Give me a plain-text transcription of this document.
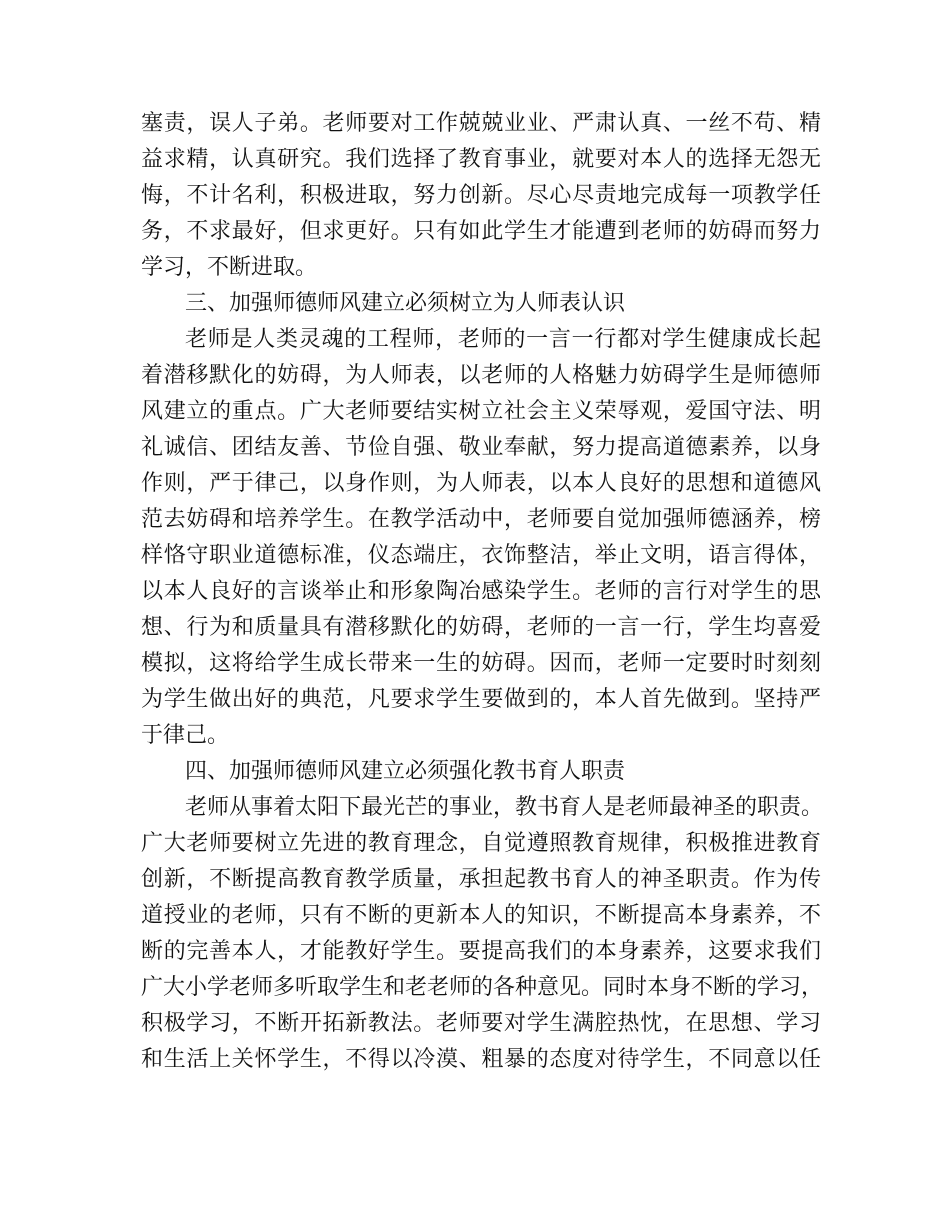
塞责，误人子弟。老师要对工作兢兢业业、严肃认真、一丝不苟、精
益求精，认真研究。我们选择了教育事业，就要对本人的选择无怨无
悔，不计名利，积极进取，努力创新。尽心尽责地完成每一项教学任
务，不求最好，但求更好。只有如此学生才能遭到老师的妨碍而努力
学习，不断进取。
三、加强师德师风建立必须树立为人师表认识
老师是人类灵魂的工程师，老师的一言一行都对学生健康成长起
着潜移默化的妨碍，为人师表，以老师的人格魅力妨碍学生是师德师
风建立的重点。广大老师要结实树立社会主义荣辱观，爱国守法、明
礼诚信、团结友善、节俭自强、敬业奉献，努力提高道德素养，以身
作则，严于律己，以身作则，为人师表，以本人良好的思想和道德风
范去妨碍和培养学生。在教学活动中，老师要自觉加强师德涵养，榜
样恪守职业道德标准，仪态端庄，衣饰整洁，举止文明，语言得体，
以本人良好的言谈举止和形象陶冶感染学生。老师的言行对学生的思
想、行为和质量具有潜移默化的妨碍，老师的一言一行，学生均喜爱
模拟，这将给学生成长带来一生的妨碍。因而，老师一定要时时刻刻
为学生做出好的典范，凡要求学生要做到的，本人首先做到。坚持严
于律己。
四、加强师德师风建立必须强化教书育人职责
老师从事着太阳下最光芒的事业，教书育人是老师最神圣的职责。
广大老师要树立先进的教育理念，自觉遵照教育规律，积极推进教育
创新，不断提高教育教学质量，承担起教书育人的神圣职责。作为传
道授业的老师，只有不断的更新本人的知识，不断提高本身素养，不
断的完善本人，才能教好学生。要提高我们的本身素养，这要求我们
广大小学老师多听取学生和老老师的各种意见。同时本身不断的学习，
积极学习，不断开拓新教法。老师要对学生满腔热忱，在思想、学习
和生活上关怀学生，不得以冷漠、粗暴的态度对待学生，不同意以任
